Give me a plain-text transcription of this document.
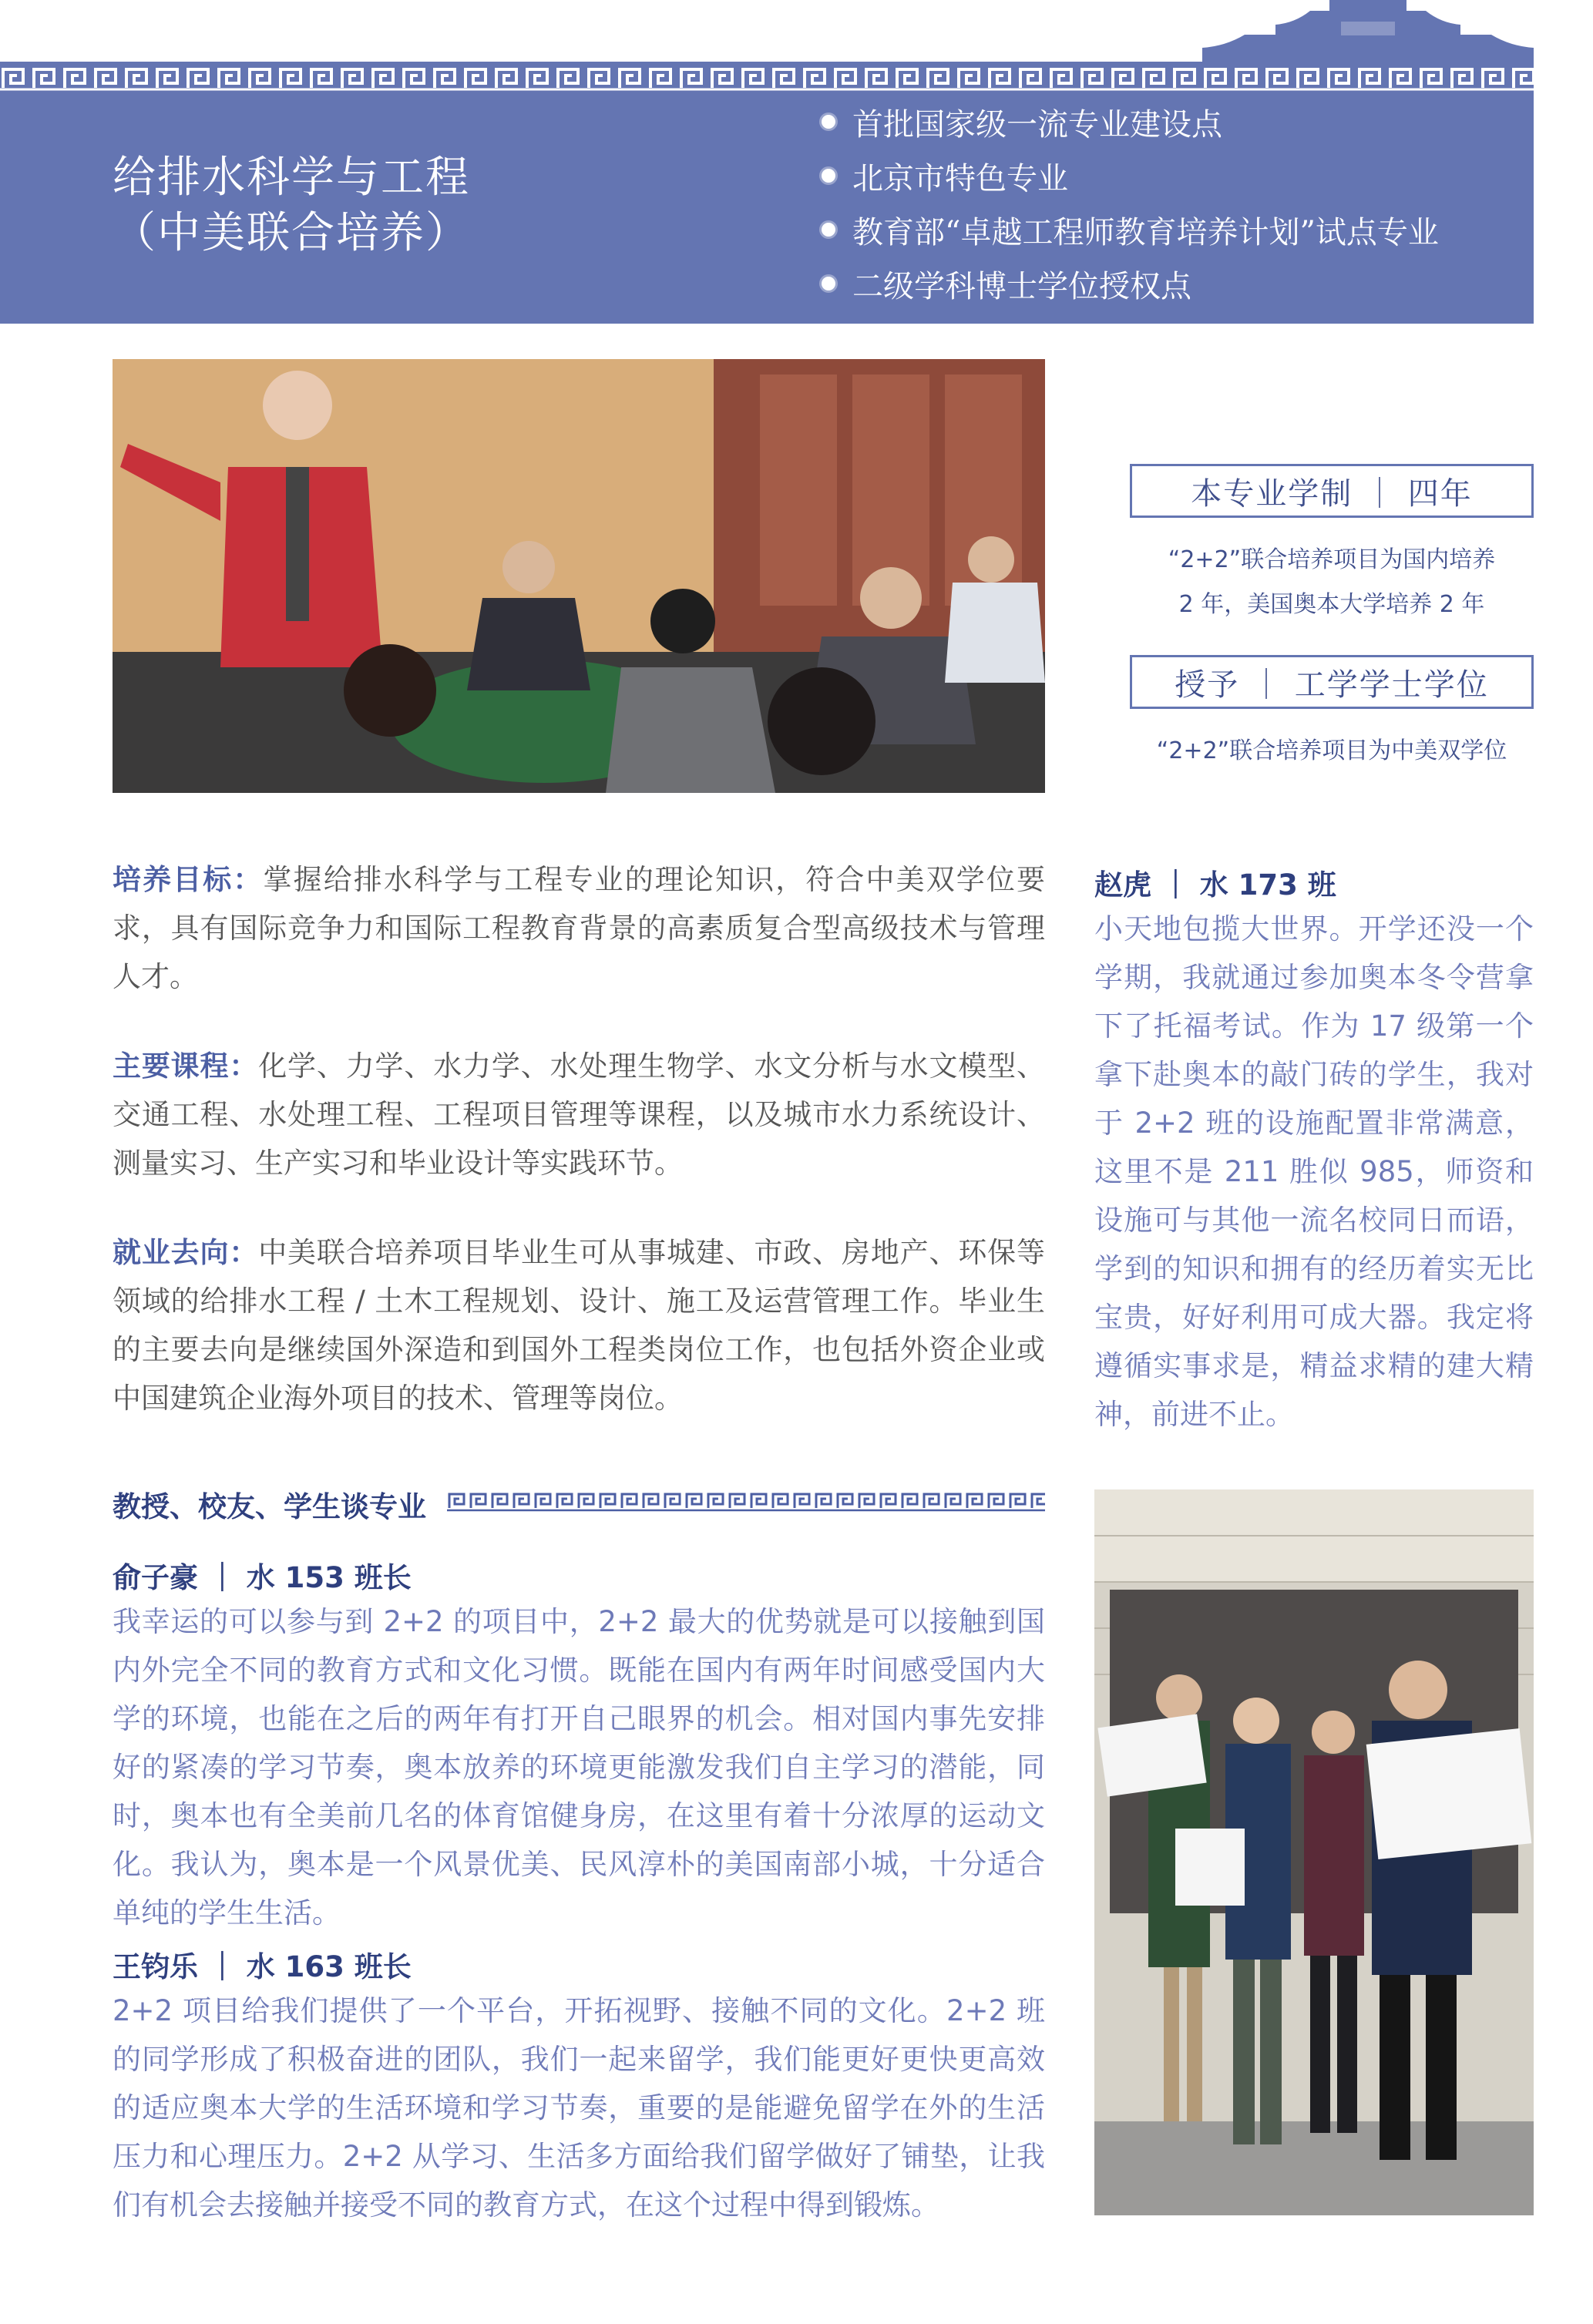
给排水科学与工程
（中美联合培养）
首批国家级一流专业建设点
北京市特色专业
教育部“卓越工程师教育培养计划”试点专业
二级学科博士学位授权点
本专业学制 ｜ 四年
“2+2”联合培养项目为国内培养
2 年，美国奥本大学培养 2 年
授予 ｜ 工学学士学位
“2+2”联合培养项目为中美双学位

培养目标：掌握给排水科学与工程专业的理论知识，符合中美双学位要求，具有国际竞争力和国际工程教育背景的高素质复合型高级技术与管理人才。

主要课程：化学、力学、水力学、水处理生物学、水文分析与水文模型、交通工程、水处理工程、工程项目管理等课程，以及城市水力系统设计、测量实习、生产实习和毕业设计等实践环节。

就业去向：中美联合培养项目毕业生可从事城建、市政、房地产、环保等领域的给排水工程 / 土木工程规划、设计、施工及运营管理工作。毕业生的主要去向是继续国外深造和到国外工程类岗位工作，也包括外资企业或中国建筑企业海外项目的技术、管理等岗位。

赵虎 ｜ 水 173 班

小天地包揽大世界。开学还没一个学期，我就通过参加奥本冬令营拿下了托福考试。作为 17 级第一个拿下赴奥本的敲门砖的学生，我对于 2+2 班的设施配置非常满意，这里不是 211 胜似 985，师资和设施可与其他一流名校同日而语，学到的知识和拥有的经历着实无比宝贵，好好利用可成大器。我定将遵循实事求是，精益求精的建大精神，前进不止。

教授、校友、学生谈专业
俞子豪 ｜ 水 153 班长

我幸运的可以参与到 2+2 的项目中，2+2 最大的优势就是可以接触到国内外完全不同的教育方式和文化习惯。既能在国内有两年时间感受国内大学的环境，也能在之后的两年有打开自己眼界的机会。相对国内事先安排好的紧凑的学习节奏，奥本放养的环境更能激发我们自主学习的潜能，同时，奥本也有全美前几名的体育馆健身房，在这里有着十分浓厚的运动文化。我认为，奥本是一个风景优美、民风淳朴的美国南部小城，十分适合单纯的学生生活。

王钧乐 ｜ 水 163 班长

2+2 项目给我们提供了一个平台，开拓视野、接触不同的文化。2+2 班的同学形成了积极奋进的团队，我们一起来留学，我们能更好更快更高效的适应奥本大学的生活环境和学习节奏，重要的是能避免留学在外的生活压力和心理压力。2+2 从学习、生活多方面给我们留学做好了铺垫，让我们有机会去接触并接受不同的教育方式，在这个过程中得到锻炼。
